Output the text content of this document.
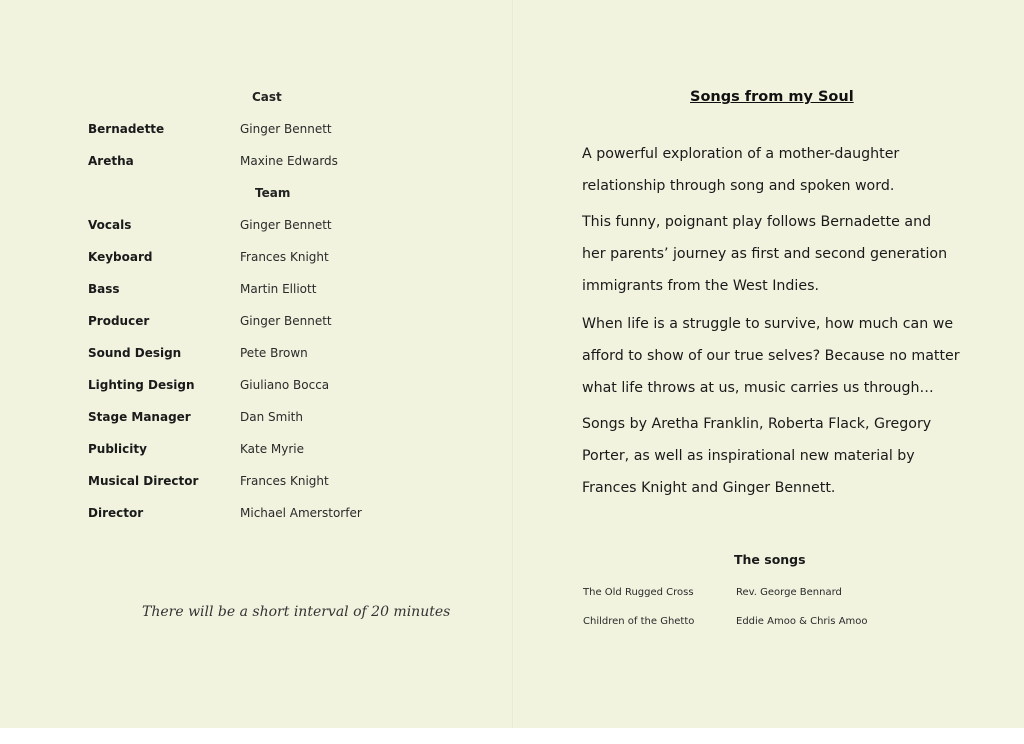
Cast
Bernadette	Ginger Bennett
Aretha	Maxine Edwards
Team
Vocals	Ginger Bennett
Keyboard	Frances Knight
Bass	Martin Elliott
Producer	Ginger Bennett
Sound Design	Pete Brown
Lighting Design	Giuliano Bocca
Stage Manager	Dan Smith
Publicity	Kate Myrie
Musical Director	Frances Knight
Director	Michael Amerstorfer
There will be a short interval of 20 minutes
Songs from my Soul
A powerful exploration of a mother-daughter
relationship through song and spoken word.
This funny, poignant play follows Bernadette and
her parents’ journey as first and second generation
immigrants from the West Indies.
When life is a struggle to survive, how much can we
afford to show of our true selves? Because no matter
what life throws at us, music carries us through…
Songs by Aretha Franklin, Roberta Flack, Gregory
Porter, as well as inspirational new material by
Frances Knight and Ginger Bennett.
The songs
The Old Rugged Cross	Rev. George Bennard
Children of the Ghetto	Eddie Amoo & Chris Amoo
